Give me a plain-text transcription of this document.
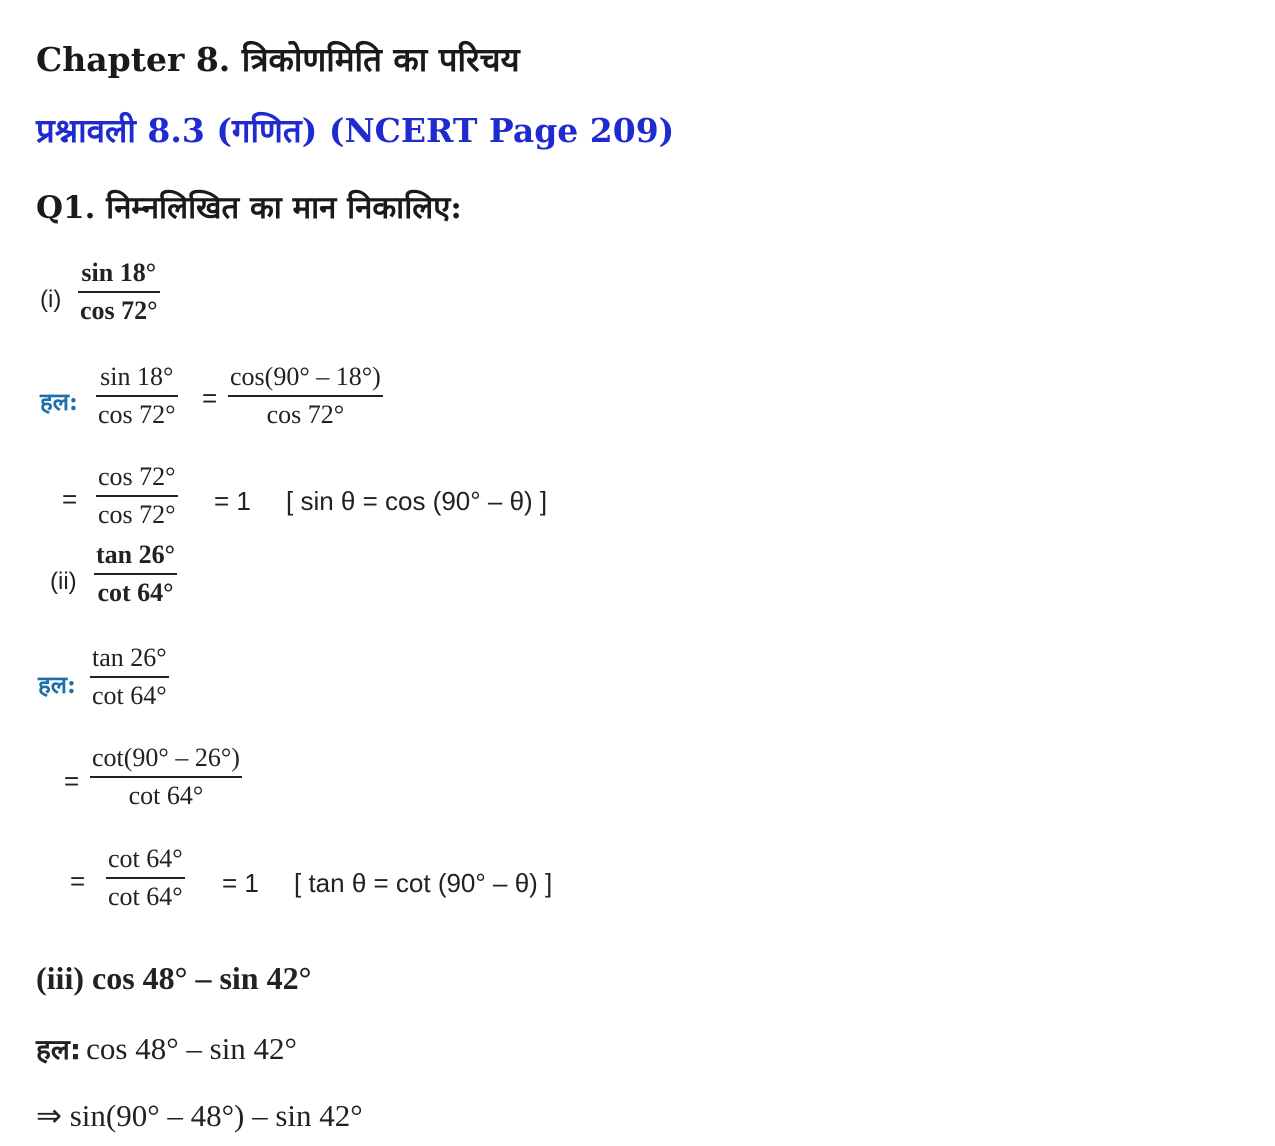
Chapter 8. त्रिकोणमिति का परिचय
प्रश्नावली 8.3 (गणित) (NCERT Page 209)
Q1. निम्नलिखित का मान निकालिए:
(i)
sin 18°
cos 72°
हल:
sin 18°
cos 72°
=
cos(90° – 18°)
cos 72°
=
cos 72°
cos 72° = 1 [ sin θ = cos (90° – θ) ]
(ii)
tan 26°
cot 64°
हल:
tan 26°
cot 64°
=
cot(90° – 26°)
cot 64°
=
cot 64°
cot 64° = 1 [ tan θ = cot (90° – θ) ]
(iii) cos 48° – sin 42°
हल: cos 48° – sin 42°
⇒ sin(90° – 48°) – sin 42°
